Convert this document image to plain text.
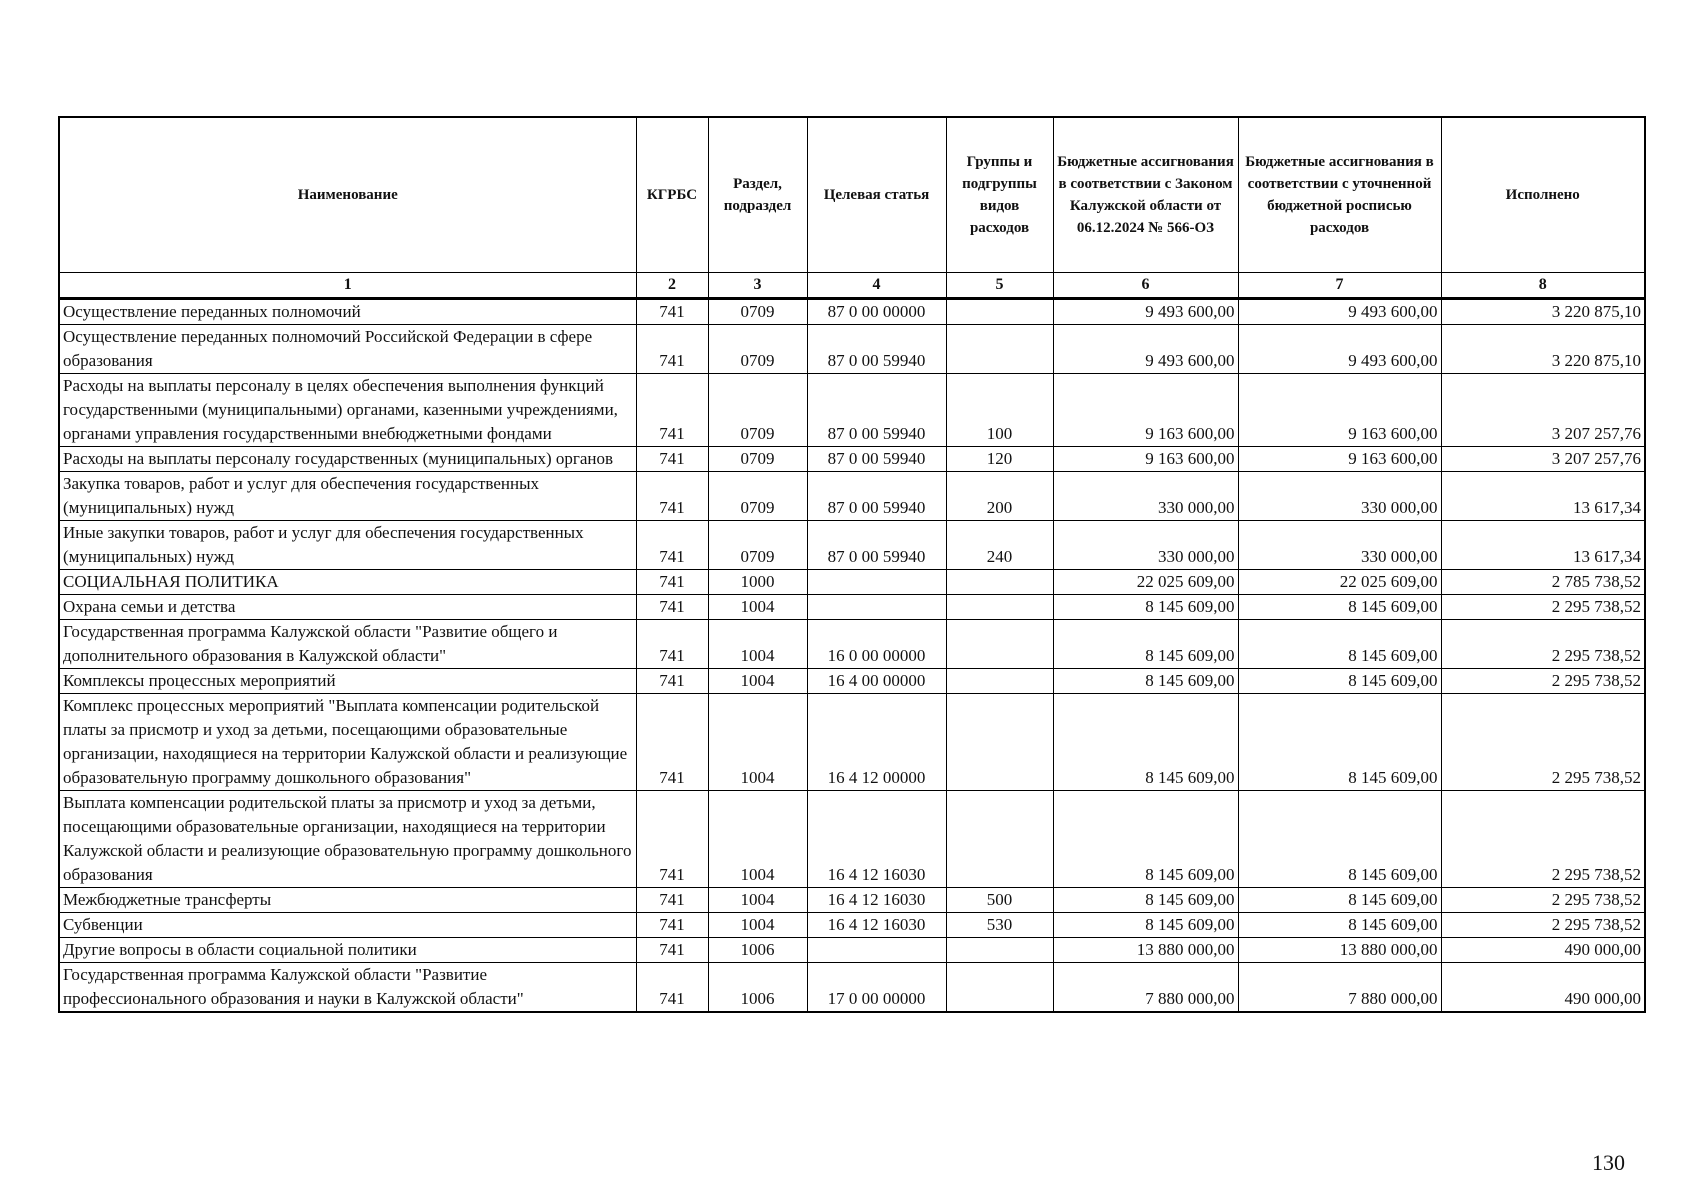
Наименование	КГРБС	Раздел, подраздел	Целевая статья	Группы и подгруппы видов расходов	Бюджетные ассигнования в соответствии с Законом Калужской области от 06.12.2024 № 566-ОЗ	Бюджетные ассигнования в соответствии с уточненной бюджетной росписью расходов	Исполнено
1	2	3	4	5	6	7	8
Осуществление переданных полномочий	741	0709	87 0 00 00000		9 493 600,00	9 493 600,00	3 220 875,10
Осуществление переданных полномочий Российской Федерации в сфере образования	741	0709	87 0 00 59940		9 493 600,00	9 493 600,00	3 220 875,10
Расходы на выплаты персоналу в целях обеспечения выполнения функций государственными (муниципальными) органами, казенными учреждениями, органами управления государственными внебюджетными фондами	741	0709	87 0 00 59940	100	9 163 600,00	9 163 600,00	3 207 257,76
Расходы на выплаты персоналу государственных (муниципальных) органов	741	0709	87 0 00 59940	120	9 163 600,00	9 163 600,00	3 207 257,76
Закупка товаров, работ и услуг для обеспечения государственных (муниципальных) нужд	741	0709	87 0 00 59940	200	330 000,00	330 000,00	13 617,34
Иные закупки товаров, работ и услуг для обеспечения государственных (муниципальных) нужд	741	0709	87 0 00 59940	240	330 000,00	330 000,00	13 617,34
СОЦИАЛЬНАЯ ПОЛИТИКА	741	1000			22 025 609,00	22 025 609,00	2 785 738,52
Охрана семьи и детства	741	1004			8 145 609,00	8 145 609,00	2 295 738,52
Государственная программа Калужской области "Развитие общего и дополнительного образования в Калужской области"	741	1004	16 0 00 00000		8 145 609,00	8 145 609,00	2 295 738,52
Комплексы процессных мероприятий	741	1004	16 4 00 00000		8 145 609,00	8 145 609,00	2 295 738,52
Комплекс процессных мероприятий "Выплата компенсации родительской платы за присмотр и уход за детьми, посещающими образовательные организации, находящиеся на территории Калужской области и реализующие образовательную программу дошкольного образования"	741	1004	16 4 12 00000		8 145 609,00	8 145 609,00	2 295 738,52
Выплата компенсации родительской платы за присмотр и уход за детьми, посещающими образовательные организации, находящиеся на территории Калужской области и реализующие образовательную программу дошкольного образования	741	1004	16 4 12 16030		8 145 609,00	8 145 609,00	2 295 738,52
Межбюджетные трансферты	741	1004	16 4 12 16030	500	8 145 609,00	8 145 609,00	2 295 738,52
Субвенции	741	1004	16 4 12 16030	530	8 145 609,00	8 145 609,00	2 295 738,52
Другие вопросы в области социальной политики	741	1006			13 880 000,00	13 880 000,00	490 000,00
Государственная программа Калужской области "Развитие профессионального образования и науки в Калужской области"	741	1006	17 0 00 00000		7 880 000,00	7 880 000,00	490 000,00
130
